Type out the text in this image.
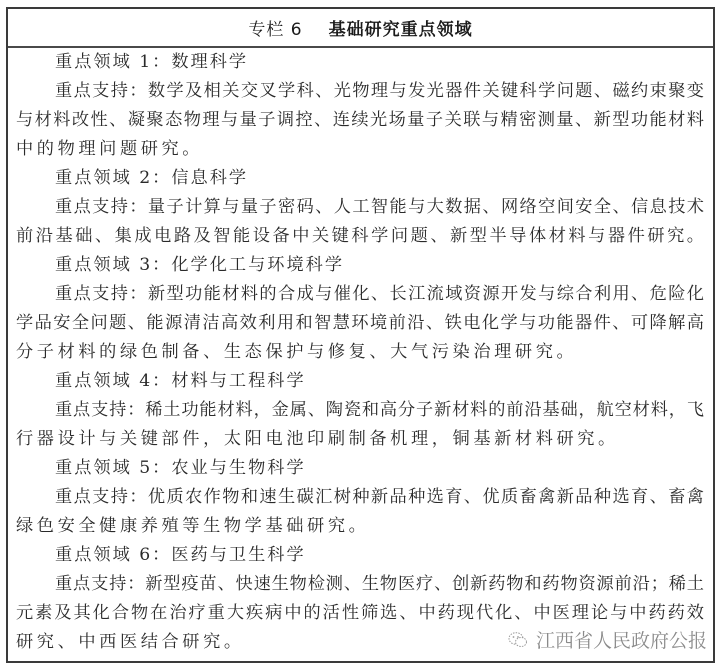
专栏 6 基础研究重点领域
重点领域 1：数理科学
重点支持：数学及相关交叉学科、光物理与发光器件关键科学问题、磁约束聚变
与材料改性、凝聚态物理与量子调控、连续光场量子关联与精密测量、新型功能材料
中的物理问题研究。
重点领域 2：信息科学
重点支持：量子计算与量子密码、人工智能与大数据、网络空间安全、信息技术
前沿基础、集成电路及智能设备中关键科学问题、新型半导体材料与器件研究。
重点领域 3：化学化工与环境科学
重点支持：新型功能材料的合成与催化、长江流域资源开发与综合利用、危险化
学品安全问题、能源清洁高效利用和智慧环境前沿、铁电化学与功能器件、可降解高
分子材料的绿色制备、生态保护与修复、大气污染治理研究。
重点领域 4：材料与工程科学
重点支持：稀土功能材料，金属、陶瓷和高分子新材料的前沿基础，航空材料，飞
行器设计与关键部件，太阳电池印刷制备机理，铜基新材料研究。
重点领域 5：农业与生物科学
重点支持：优质农作物和速生碳汇树种新品种选育、优质畜禽新品种选育、畜禽
绿色安全健康养殖等生物学基础研究。
重点领域 6：医药与卫生科学
重点支持：新型疫苗、快速生物检测、生物医疗、创新药物和药物资源前沿；稀土
元素及其化合物在治疗重大疾病中的活性筛选、中药现代化、中医理论与中药药效
研究、中西医结合研究。	江西省人民政府公报
